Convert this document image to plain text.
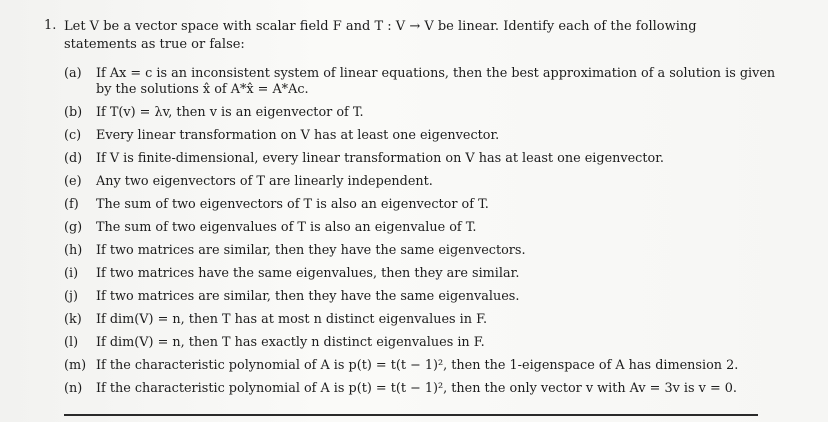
1. Let V be a vector space with scalar field F and T : V → V be linear. Identify each of the following statements as true or false:
(a) If Ax = c is an inconsistent system of linear equations, then the best approximation of a solution is given by the solutions x̂ of A*x̂ = A*Ac.
(b) If T(v) = λv, then v is an eigenvector of T.
(c) Every linear transformation on V has at least one eigenvector.
(d) If V is finite-dimensional, every linear transformation on V has at least one eigenvector.
(e) Any two eigenvectors of T are linearly independent.
(f) The sum of two eigenvectors of T is also an eigenvector of T.
(g) The sum of two eigenvalues of T is also an eigenvalue of T.
(h) If two matrices are similar, then they have the same eigenvectors.
(i) If two matrices have the same eigenvalues, then they are similar.
(j) If two matrices are similar, then they have the same eigenvalues.
(k) If dim(V) = n, then T has at most n distinct eigenvalues in F.
(l) If dim(V) = n, then T has exactly n distinct eigenvalues in F.
(m) If the characteristic polynomial of A is p(t) = t(t − 1)², then the 1-eigenspace of A has dimension 2.
(n) If the characteristic polynomial of A is p(t) = t(t − 1)², then the only vector v with Av = 3v is v = 0.
